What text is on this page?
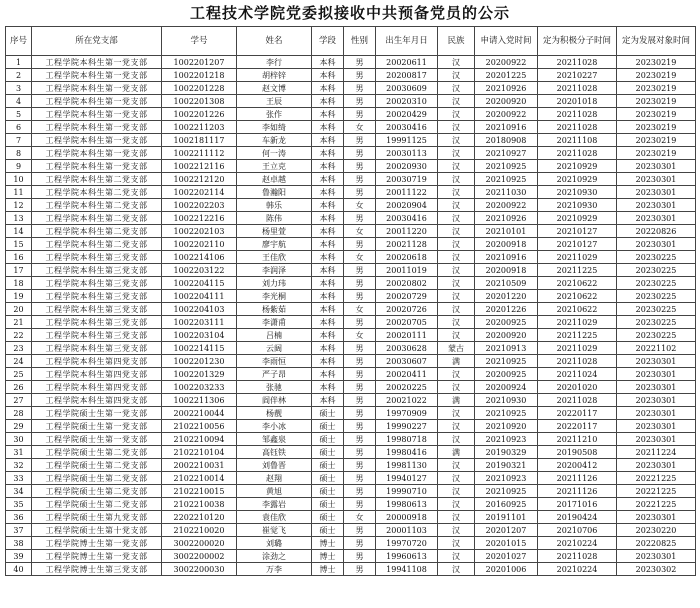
工程技术学院党委拟接收中共预备党员的公示
序号	所在党支部	学号	姓名	学段	性别	出生年月日	民族	申请入党时间	定为积极分子时间	定为发展对象时间
1	工程学院本科生第一党支部	1002201207	李行	本科	男	20020611	汉	20200922	20211028	20230219
2	工程学院本科生第一党支部	1002201218	胡梓锌	本科	男	20200817	汉	20201225	20210227	20230219
3	工程学院本科生第一党支部	1002201228	赵文博	本科	男	20030609	汉	20210926	20211028	20230219
4	工程学院本科生第一党支部	1002201308	王辰	本科	男	20020310	汉	20200920	20201018	20230219
5	工程学院本科生第一党支部	1002201226	张作	本科	男	20020429	汉	20200922	20211028	20230219
6	工程学院本科生第一党支部	1002211203	李如绮	本科	女	20030416	汉	20210916	20211028	20230219
7	工程学院本科生第一党支部	1002181117	车新龙	本科	男	19991125	汉	20180908	20211108	20230219
8	工程学院本科生第一党支部	1002211112	何一涛	本科	男	20030113	汉	20210927	20211028	20230219
9	工程学院本科生第一党支部	1002212116	王立克	本科	男	20020930	汉	20210925	20210929	20230301
10	工程学院本科生第二党支部	1002212120	赵卓越	本科	男	20030719	汉	20210925	20210929	20230301
11	工程学院本科生第二党支部	1002202114	鲁瀚阳	本科	男	20011122	汉	20211030	20210930	20230301
12	工程学院本科生第二党支部	1002202203	韩乐	本科	女	20020904	汉	20200922	20210930	20230301
13	工程学院本科生第二党支部	1002212216	陈伟	本科	男	20030416	汉	20210926	20210929	20230301
14	工程学院本科生第二党支部	1002202103	杨里萱	本科	女	20011220	汉	20210101	20210127	20220826
15	工程学院本科生第二党支部	1002202110	廖宇航	本科	男	20021128	汉	20200918	20210127	20230301
16	工程学院本科生第三党支部	1002214106	王佳欣	本科	女	20020618	汉	20210916	20211029	20230225
17	工程学院本科生第三党支部	1002203122	李润泽	本科	男	20011019	汉	20200918	20211225	20230225
18	工程学院本科生第三党支部	1002204115	刘力玮	本科	男	20020802	汉	20210509	20210622	20230225
19	工程学院本科生第三党支部	1002204111	李光桐	本科	男	20020729	汉	20201220	20210622	20230225
20	工程学院本科生第三党支部	1002204103	杨紫茹	本科	女	20020726	汉	20201226	20210622	20230225
21	工程学院本科生第三党支部	1002203111	李潇甫	本科	男	20020705	汉	20200925	20211029	20230225
22	工程学院本科生第三党支部	1002203104	吕楠	本科	女	20020111	汉	20200920	20211225	20230225
23	工程学院本科生第三党支部	1002214115	云阔	本科	男	20030628	蒙古	20210913	20211029	20221102
24	工程学院本科生第四党支部	1002201230	李雨恒	本科	男	20030607	满	20210925	20211028	20230301
25	工程学院本科生第四党支部	1002201329	严子昂	本科	男	20020411	汉	20200925	20211024	20230301
26	工程学院本科生第四党支部	1002203233	张驰	本科	男	20020225	汉	20200924	20201020	20230301
27	工程学院本科生第四党支部	1002211306	阎伴林	本科	男	20021022	满	20210930	20211028	20230301
28	工程学院硕士生第一党支部	2002210044	杨靓	硕士	男	19970909	汉	20210925	20220117	20230301
29	工程学院硕士生第一党支部	2102210056	李小冰	硕士	男	19990227	汉	20210920	20220117	20230301
30	工程学院硕士生第一党支部	2102210094	邹鑫泉	硕士	男	19980718	汉	20210923	20211210	20230301
31	工程学院硕士生第二党支部	2102210104	高钰铁	硕士	男	19980416	满	20190329	20190508	20211224
32	工程学院硕士生第二党支部	2002210031	刘鲁晋	硕士	男	19981130	汉	20190321	20200412	20230301
33	工程学院硕士生第二党支部	2102210014	赵翔	硕士	男	19940127	汉	20210923	20211126	20221225
34	工程学院硕士生第二党支部	2102210015	黄旭	硕士	男	19990710	汉	20210925	20211126	20221225
35	工程学院硕士生第二党支部	2102210038	李露岩	硕士	男	19980613	汉	20160925	20171016	20221225
36	工程学院硕士生第九党支部	2202210120	袁佳欣	硕士	女	20000918	汉	20191101	20190424	20230301
37	工程学院硕士生第十党支部	2102210020	崔觉飞	硕士	男	20001103	汉	20201207	20210706	20230220
38	工程学院博士生第一党支部	3002200020	刘璐	博士	男	19970720	汉	20201015	20210224	20220825
39	工程学院博士生第一党支部	3002200002	涂劲之	博士	男	19960613	汉	20201027	20211028	20230301
40	工程学院博士生第三党支部	3002200030	万李	博士	男	19941108	汉	20201006	20210224	20230302
